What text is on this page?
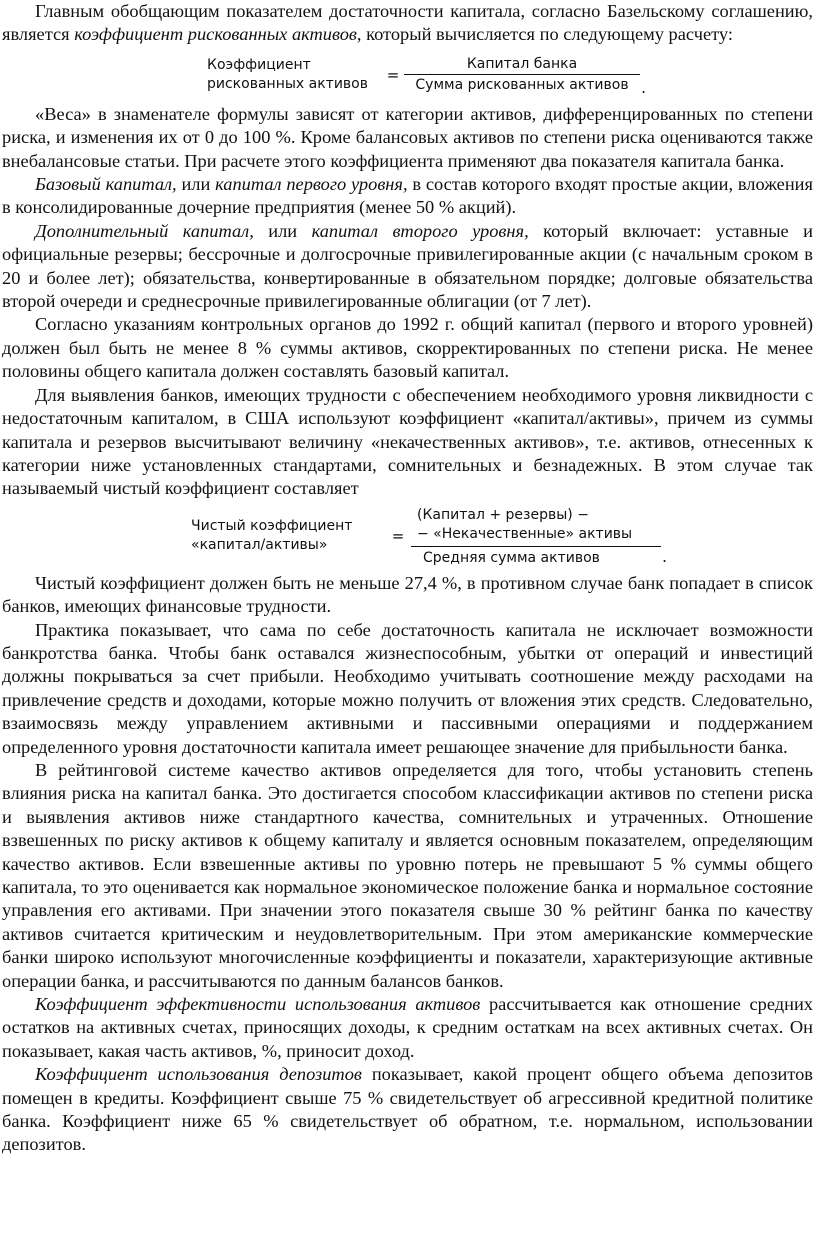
Главным обобщающим показателем достаточности капитала, согласно Базельскому соглашению, является коэффициент рискованных активов, который вычисляется по следующему расчету:

Коэффициент
рискованных активов	= $\frac{\text{Капитал банка}}{\text{Сумма рискованных активов}}$ .

«Веса» в знаменателе формулы зависят от категории активов, дифференцированных по степени риска, и изменения их от 0 до 100 %. Кроме балансовых активов по степени риска оцениваются также внебалансовые статьи. При расчете этого коэффициента применяют два показателя капитала банка.

Базовый капитал, или капитал первого уровня, в состав которого входят простые акции, вложения в консолидированные дочерние предприятия (менее 50 % акций).

Дополнительный капитал, или капитал второго уровня, который включает: уставные и официальные резервы; бессрочные и долгосрочные привилегированные акции (с начальным сроком в 20 и более лет); обязательства, конвертированные в обязательном порядке; долговые обязательства второй очереди и среднесрочные привилегированные облигации (от 7 лет).

Согласно указаниям контрольных органов до 1992 г. общий капитал (первого и второго уровней) должен был быть не менее 8 % суммы активов, скорректированных по степени риска. Не менее половины общего капитала должен составлять базовый капитал.

Для выявления банков, имеющих трудности с обеспечением необходимого уровня ликвидности с недостаточным капиталом, в США используют коэффициент «капитал/активы», причем из суммы капитала и резервов высчитывают величину «некачественных активов», т.е. активов, отнесенных к категории ниже установленных стандартами, сомнительных и безнадежных. В этом случае так называемый чистый коэффициент составляет

Чистый коэффициент
«капитал/активы»	= (Капитал + резервы) −
− «Некачественные» активы
Средняя сумма активов .

Чистый коэффициент должен быть не меньше 27,4 %, в противном случае банк попадает в список банков, имеющих финансовые трудности.

Практика показывает, что сама по себе достаточность капитала не исключает возможности банкротства банка. Чтобы банк оставался жизнеспособным, убытки от операций и инвестиций должны покрываться за счет прибыли. Необходимо учитывать соотношение между расходами на привлечение средств и доходами, которые можно получить от вложения этих средств. Следовательно, взаимосвязь между управлением активными и пассивными операциями и поддержанием определенного уровня достаточности капитала имеет решающее значение для прибыльности банка.

В рейтинговой системе качество активов определяется для того, чтобы установить степень влияния риска на капитал банка. Это достигается способом классификации активов по степени риска и выявления активов ниже стандартного качества, сомнительных и утраченных. Отношение взвешенных по риску активов к общему капиталу и является основным показателем, определяющим качество активов. Если взвешенные активы по уровню потерь не превышают 5 % суммы общего капитала, то это оценивается как нормальное экономическое положение банка и нормальное состояние управления его активами. При значении этого показателя свыше 30 % рейтинг банка по качеству активов считается критическим и неудовлетворительным. При этом американские коммерческие банки широко используют многочисленные коэффициенты и показатели, характеризующие активные операции банка, и рассчитываются по данным балансов банков.

Коэффициент эффективности использования активов рассчитывается как отношение средних остатков на активных счетах, приносящих доходы, к средним остаткам на всех активных счетах. Он показывает, какая часть активов, %, приносит доход.

Коэффициент использования депозитов показывает, какой процент общего объема депозитов помещен в кредиты. Коэффициент свыше 75 % свидетельствует об агрессивной кредитной политике банка. Коэффициент ниже 65 % свидетельствует об обратном, т.е. нормальном, использовании депозитов.
